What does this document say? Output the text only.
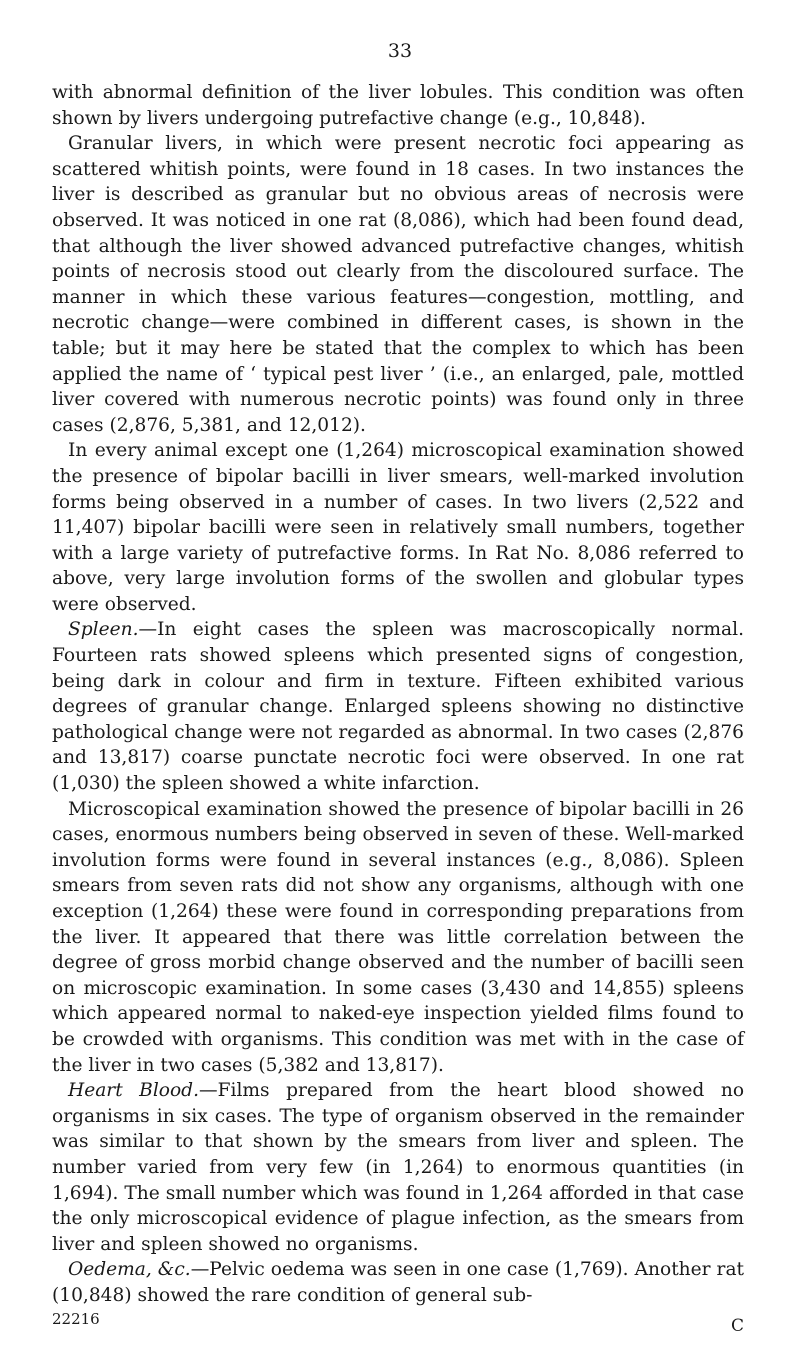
33

with abnormal definition of the liver lobules. This condition was often shown by livers undergoing putrefactive change (e.g., 10,848).

Granular livers, in which were present necrotic foci appearing as scattered whitish points, were found in 18 cases. In two instances the liver is described as granular but no obvious areas of necrosis were observed. It was noticed in one rat (8,086), which had been found dead, that although the liver showed advanced putrefactive changes, whitish points of necrosis stood out clearly from the discoloured surface. The manner in which these various features—congestion, mottling, and necrotic change—were combined in different cases, is shown in the table; but it may here be stated that the complex to which has been applied the name of ‘ typical pest liver ’ (i.e., an enlarged, pale, mottled liver covered with numerous necrotic points) was found only in three cases (2,876, 5,381, and 12,012).

In every animal except one (1,264) microscopical examination showed the presence of bipolar bacilli in liver smears, well-marked involution forms being observed in a number of cases. In two livers (2,522 and 11,407) bipolar bacilli were seen in relatively small numbers, together with a large variety of putrefactive forms. In Rat No. 8,086 referred to above, very large involution forms of the swollen and globular types were observed.

Spleen.—In eight cases the spleen was macroscopically normal. Fourteen rats showed spleens which presented signs of congestion, being dark in colour and firm in texture. Fifteen exhibited various degrees of granular change. Enlarged spleens showing no distinctive pathological change were not regarded as abnormal. In two cases (2,876 and 13,817) coarse punctate necrotic foci were observed. In one rat (1,030) the spleen showed a white infarction.

Microscopical examination showed the presence of bipolar bacilli in 26 cases, enormous numbers being observed in seven of these. Well-marked involution forms were found in several instances (e.g., 8,086). Spleen smears from seven rats did not show any organisms, although with one exception (1,264) these were found in corresponding preparations from the liver. It appeared that there was little correlation between the degree of gross morbid change observed and the number of bacilli seen on microscopic examination. In some cases (3,430 and 14,855) spleens which appeared normal to naked-eye inspection yielded films found to be crowded with organisms. This condition was met with in the case of the liver in two cases (5,382 and 13,817).

Heart Blood.—Films prepared from the heart blood showed no organisms in six cases. The type of organism observed in the remainder was similar to that shown by the smears from liver and spleen. The number varied from very few (in 1,264) to enormous quantities (in 1,694). The small number which was found in 1,264 afforded in that case the only microscopical evidence of plague infection, as the smears from liver and spleen showed no organisms.

Oedema, &c.—Pelvic oedema was seen in one case (1,769). Another rat (10,848) showed the rare condition of general sub-

22216	C
